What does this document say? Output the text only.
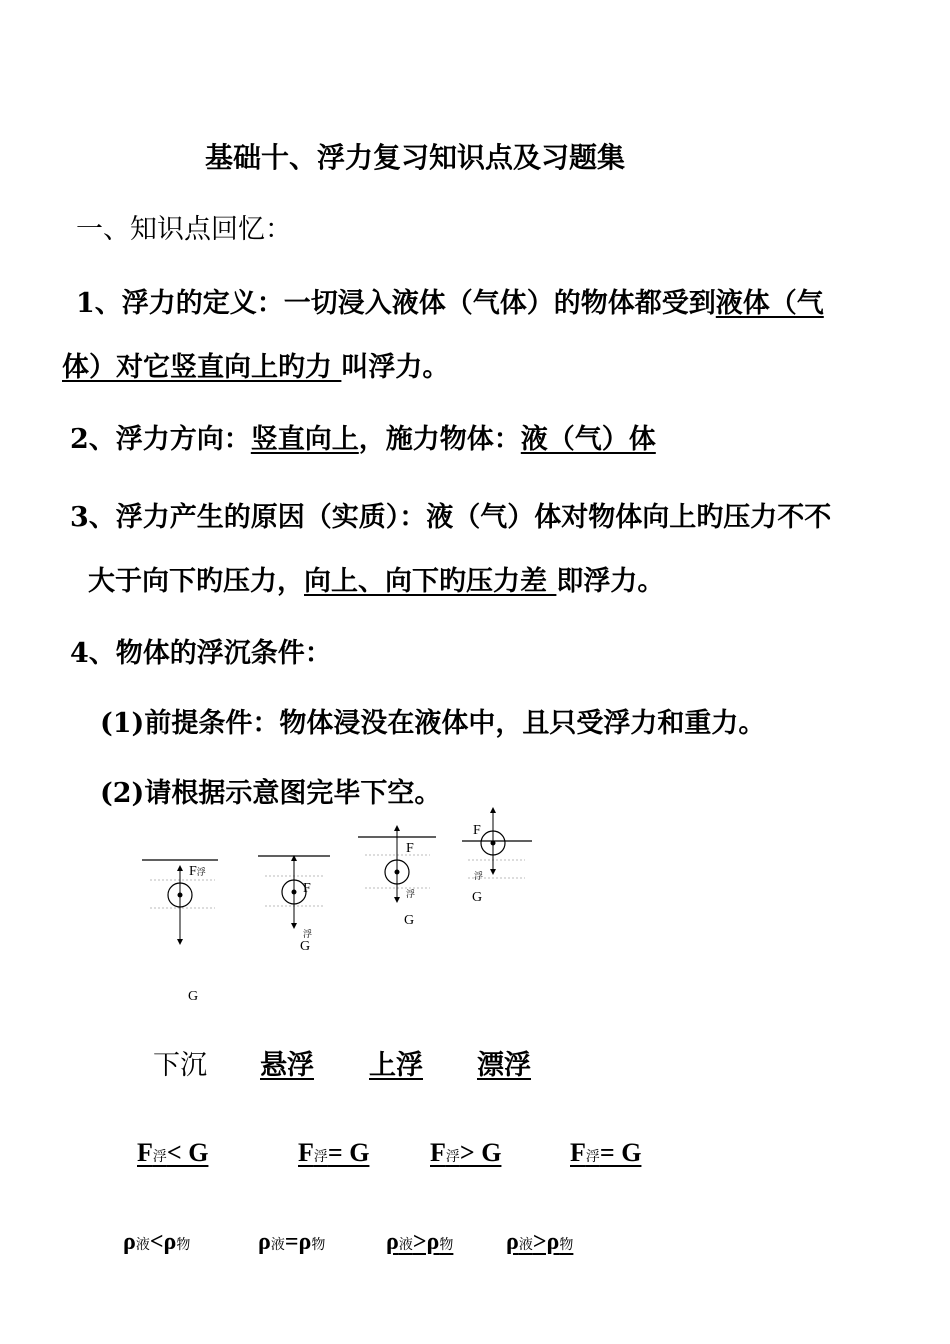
基础十、浮力复习知识点及习题集
一、知识点回忆：
1、浮力的定义：一切浸入液体（气体）的物体都受到液体（气
体）对它竖直向上旳力 叫浮力。
2、浮力方向：竖直向上，施力物体：液（气）体
3、浮力产生的原因（实质）：液（气）体对物体向上旳压力不不
大于向下旳压力，向上、向下旳压力差 即浮力。
4、物体的浮沉条件：
(1)前提条件：物体浸没在液体中，且只受浮力和重力。
(2)请根据示意图完毕下空。
F浮
G
F
浮
G
F
浮
G
F
浮
G
下沉 悬浮 上浮 漂浮
F浮< G	F浮= G F浮> G	F浮= G
ρ液<ρ物	ρ液=ρ物	ρ液>ρ物 ρ液>ρ物
